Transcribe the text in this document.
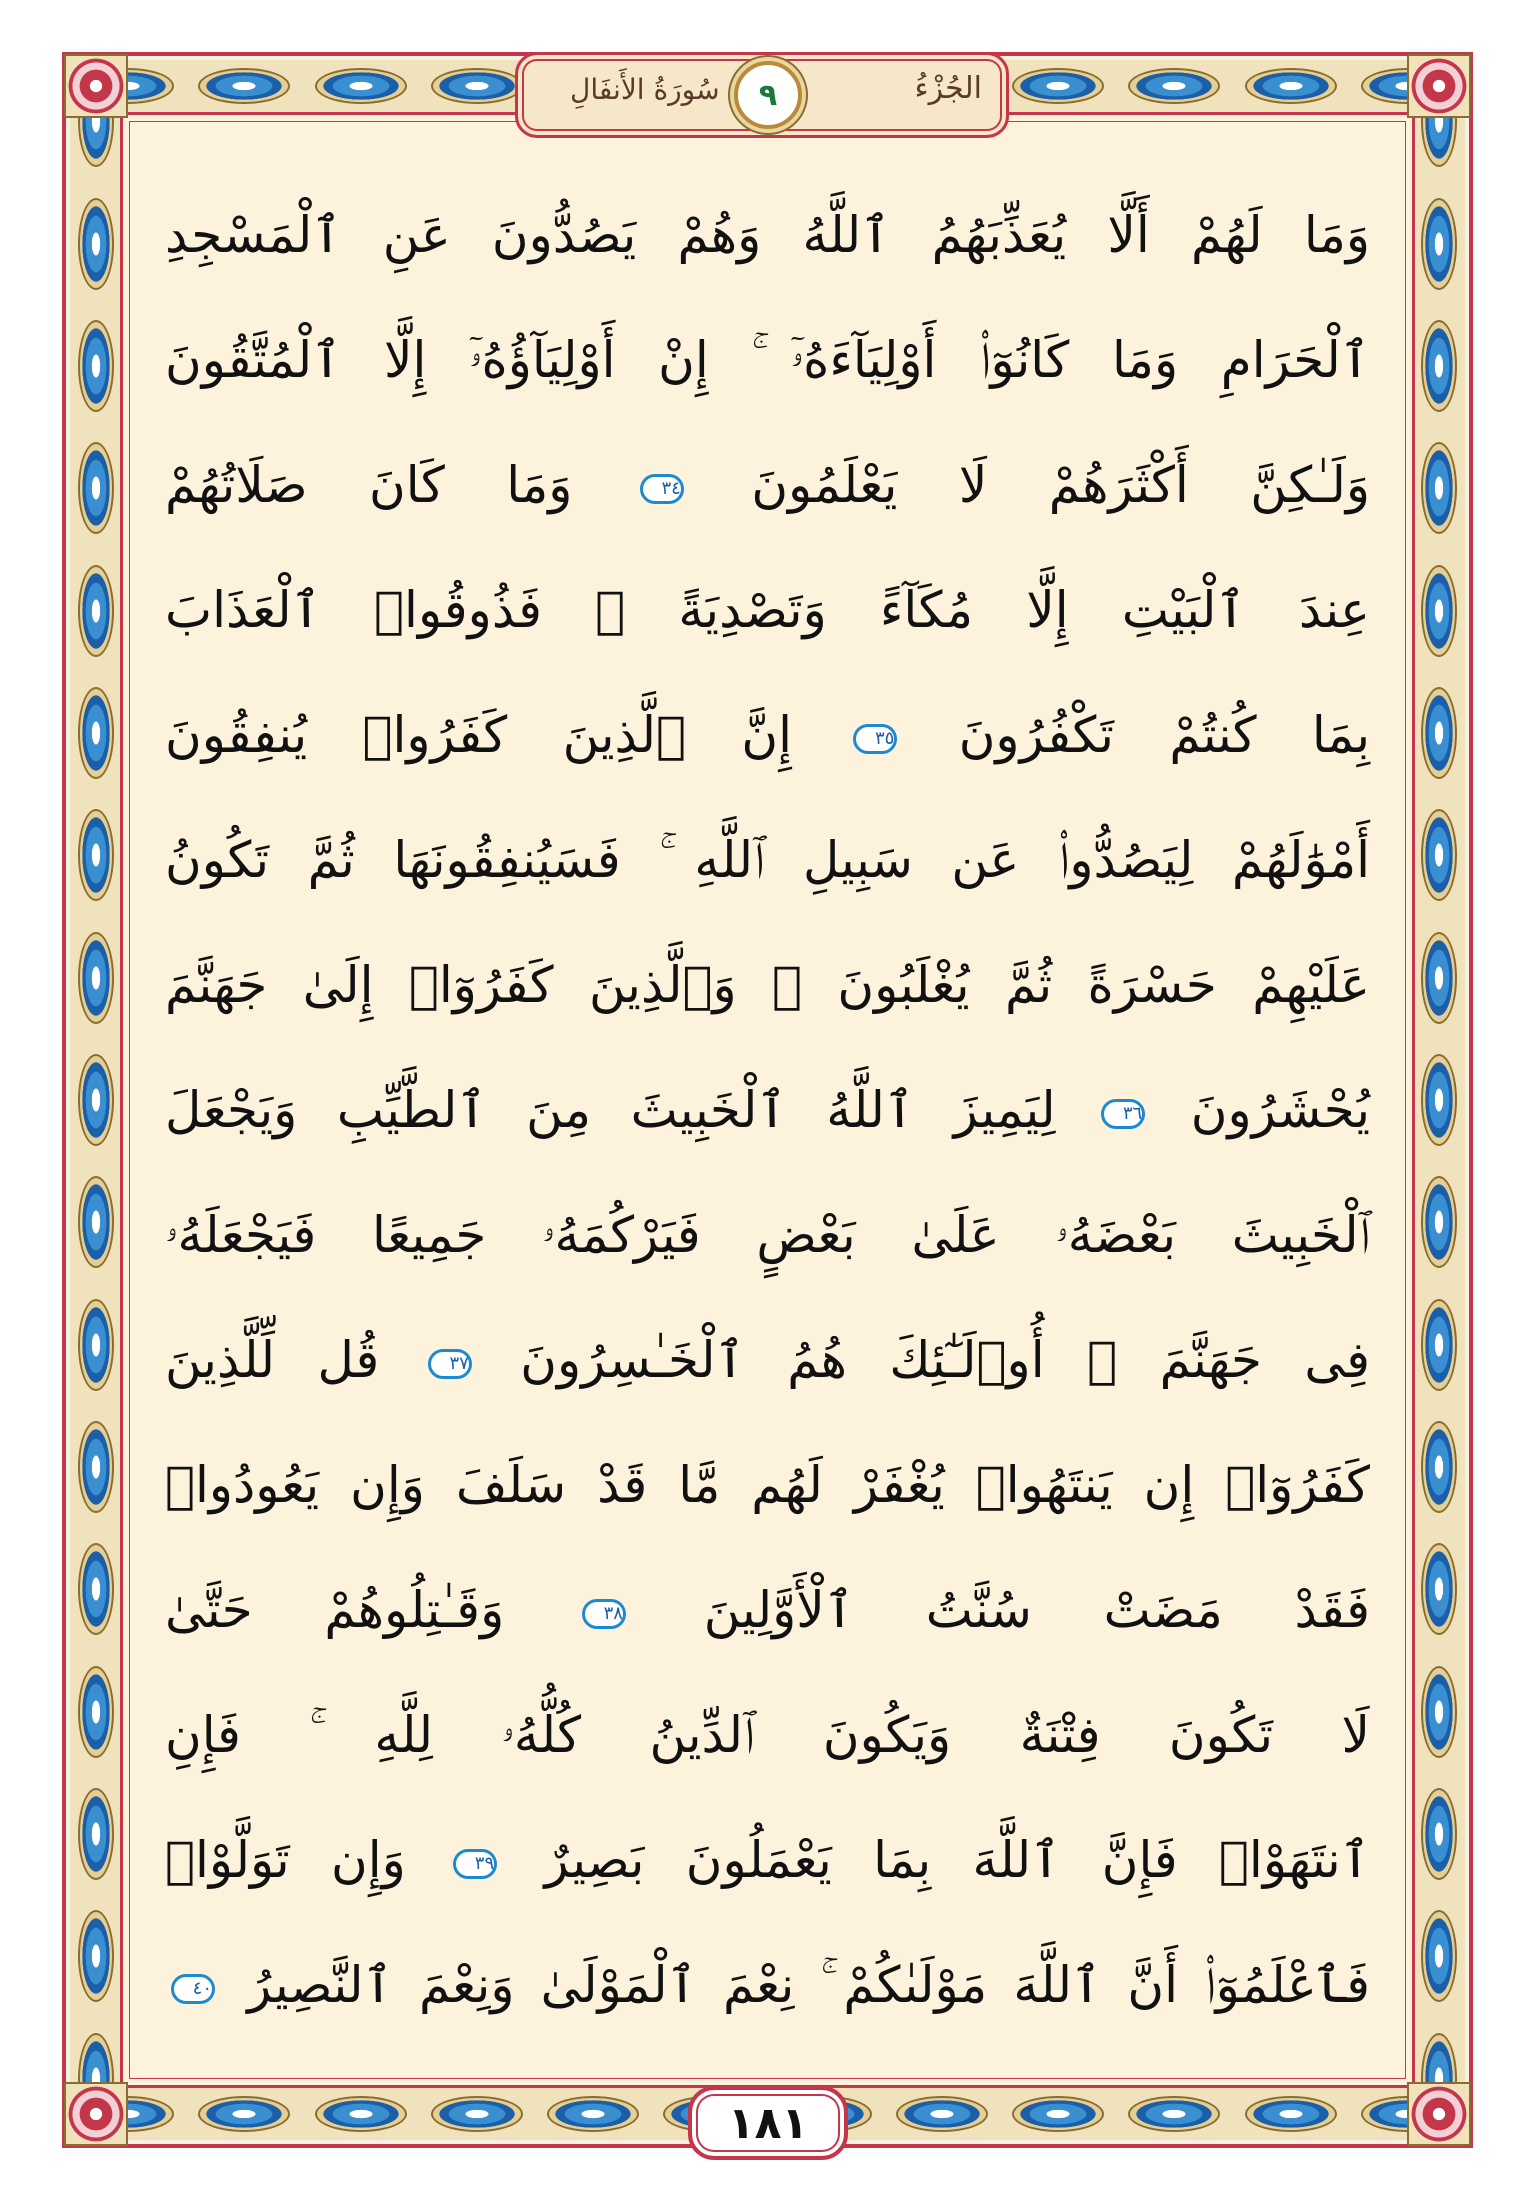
الجُزْءُ
٩
سُورَةُ الأَنفَالِ
وَمَا لَهُمْ أَلَّا يُعَذِّبَهُمُ ٱللَّهُ وَهُمْ يَصُدُّونَ عَنِ ٱلْمَسْجِدِ
ٱلْحَرَامِ وَمَا كَانُوٓا۟ أَوْلِيَآءَهُۥٓ ۚ إِنْ أَوْلِيَآؤُهُۥٓ إِلَّا ٱلْمُتَّقُونَ
وَلَـٰكِنَّ أَكْثَرَهُمْ لَا يَعْلَمُونَ ٣٤ وَمَا كَانَ صَلَاتُهُمْ
عِندَ ٱلْبَيْتِ إِلَّا مُكَآءً وَتَصْدِيَةً ۚ فَذُوقُوا۟ ٱلْعَذَابَ
بِمَا كُنتُمْ تَكْفُرُونَ ٣٥ إِنَّ ٱلَّذِينَ كَفَرُوا۟ يُنفِقُونَ
أَمْوَٰلَهُمْ لِيَصُدُّوا۟ عَن سَبِيلِ ٱللَّهِ ۚ فَسَيُنفِقُونَهَا ثُمَّ تَكُونُ
عَلَيْهِمْ حَسْرَةً ثُمَّ يُغْلَبُونَ ۗ وَٱلَّذِينَ كَفَرُوٓا۟ إِلَىٰ جَهَنَّمَ
يُحْشَرُونَ ٣٦ لِيَمِيزَ ٱللَّهُ ٱلْخَبِيثَ مِنَ ٱلطَّيِّبِ وَيَجْعَلَ
ٱلْخَبِيثَ بَعْضَهُۥ عَلَىٰ بَعْضٍ فَيَرْكُمَهُۥ جَمِيعًا فَيَجْعَلَهُۥ
فِى جَهَنَّمَ ۚ أُو۟لَـٰٓئِكَ هُمُ ٱلْخَـٰسِرُونَ ٣٧ قُل لِّلَّذِينَ
كَفَرُوٓا۟ إِن يَنتَهُوا۟ يُغْفَرْ لَهُم مَّا قَدْ سَلَفَ وَإِن يَعُودُوا۟
فَقَدْ مَضَتْ سُنَّتُ ٱلْأَوَّلِينَ ٣٨ وَقَـٰتِلُوهُمْ حَتَّىٰ
لَا تَكُونَ فِتْنَةٌ وَيَكُونَ ٱلدِّينُ كُلُّهُۥ لِلَّهِ ۚ فَإِنِ
ٱنتَهَوْا۟ فَإِنَّ ٱللَّهَ بِمَا يَعْمَلُونَ بَصِيرٌ ٣٩ وَإِن تَوَلَّوْا۟
فَٱعْلَمُوٓا۟ أَنَّ ٱللَّهَ مَوْلَىٰكُمْ ۚ نِعْمَ ٱلْمَوْلَىٰ وَنِعْمَ ٱلنَّصِيرُ ٤٠
١٨١
